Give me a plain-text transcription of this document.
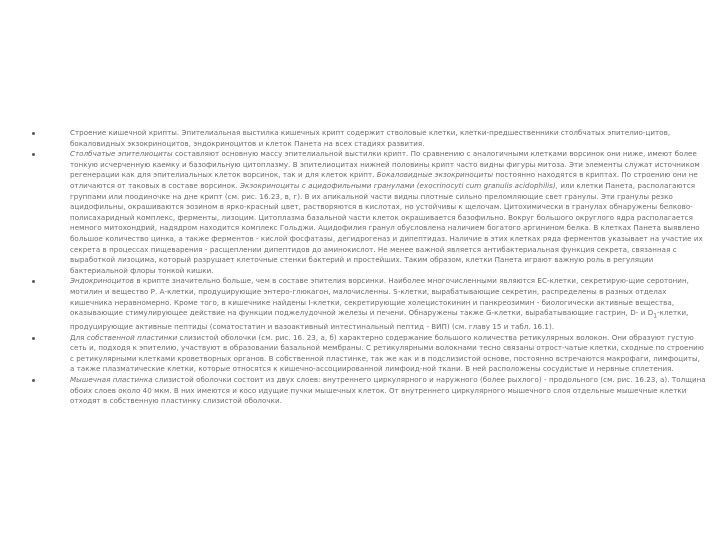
Строение кишечной крипты. Эпителиальная выстилка кишечных крипт содержит стволовые клетки, клетки-предшественники столбчатых эпителио-цитов, бокаловидных экзокриноцитов, эндокриноцитов и клеток Панета на всех стадиях развития.
Столбчатые эпителиоциты составляют основную массу эпителиальной выстилки крипт. По сравнению с аналогичными клетками ворсинок они ниже, имеют более тонкую исчерченную каемку и базофильную цитоплазму. В эпителиоцитах нижней половины крипт часто видны фигуры митоза. Эти элементы служат источником регенерации как для эпителиальных клеток ворсинок, так и для клеток крипт. Бокаловидные экзокриноциты постоянно находятся в криптах. По строению они не отличаются от таковых в составе ворсинок. Экзокриноциты с ацидофильными гранулами (exocrinocyti cum granulis acidophilis), или клетки Панета, располагаются группами или поодиночке на дне крипт (см. рис. 16.23, в, г). В их апикальной части видны плотные сильно преломляющие свет гранулы. Эти гранулы резко ацидофильны, окрашиваются эозином в ярко-красный цвет, растворяются в кислотах, но устойчивы к щелочам. Цитохимически в гранулах обнаружены белково-полисахаридный комплекс, ферменты, лизоцим. Цитоплазма базальной части клеток окрашивается базофильно. Вокруг большого округлого ядра располагается немного митохондрий, надядром находится комплекс Гольджи. Ацидофилия гранул обусловлена наличием богатого аргинином белка. В клетках Панета выявлено большое количество цинка, а также ферментов - кислой фосфатазы, дегидрогеназ и дипептидаз. Наличие в этих клетках ряда ферментов указывает на участие их секрета в процессах пищеварения - расщеплении дипептидов до аминокислот. Не менее важной является антибактериальная функция секрета, связанная с выработкой лизоцима, который разрушает клеточные стенки бактерий и простейших. Таким образом, клетки Панета играют важную роль в регуляции бактериальной флоры тонкой кишки.
Эндокриноцитов в крипте значительно больше, чем в составе эпителия ворсинки. Наиболее многочисленными являются ЕС-клетки, секретирую-щие серотонин, мотилин и вещество Р. А-клетки, продуцирующие энтеро-глюкагон, малочисленны. S-клетки, вырабатывающие секретин, распределены в разных отделах кишечника неравномерно. Кроме того, в кишечнике найдены I-клетки, секретирующие холецистокинин и панкреозимин - биологически активные вещества, оказывающие стимулирующее действие на функции поджелудочной железы и печени. Обнаружены также G-клетки, вырабатывающие гастрин, D- и $D_1$-клетки, продуцирующие активные пептиды (соматостатин и вазоактивный интестинальный пептид - ВИП) (см. главу 15 и табл. 16.1).
Для собственной пластинки слизистой оболочки (см. рис. 16. 23, а, б) характерно содержание большого количества ретикулярных волокон. Они образуют густую сеть и, подходя к эпителию, участвуют в образовании базальной мембраны. С ретикулярными волокнами тесно связаны отрост-чатые клетки, сходные по строению с ретикулярными клетками кроветворных органов. В собственной пластинке, так же как и в подслизистой основе, постоянно встречаются макрофаги, лимфоциты, а также плазматические клетки, которые относятся к кишечно-ассоциированной лимфоид-ной ткани. В ней расположены сосудистые и нервные сплетения.
Мышечная пластинка слизистой оболочки состоит из двух слоев: внутреннего циркулярного и наружного (более рыхлого) - продольного (см. рис. 16.23, а). Толщина обоих слоев около 40 мкм. В них имеются и косо идущие пучки мышечных клеток. От внутреннего циркулярного мышечного слоя отдельные мышечные клетки отходят в собственную пластинку слизистой оболочки.
